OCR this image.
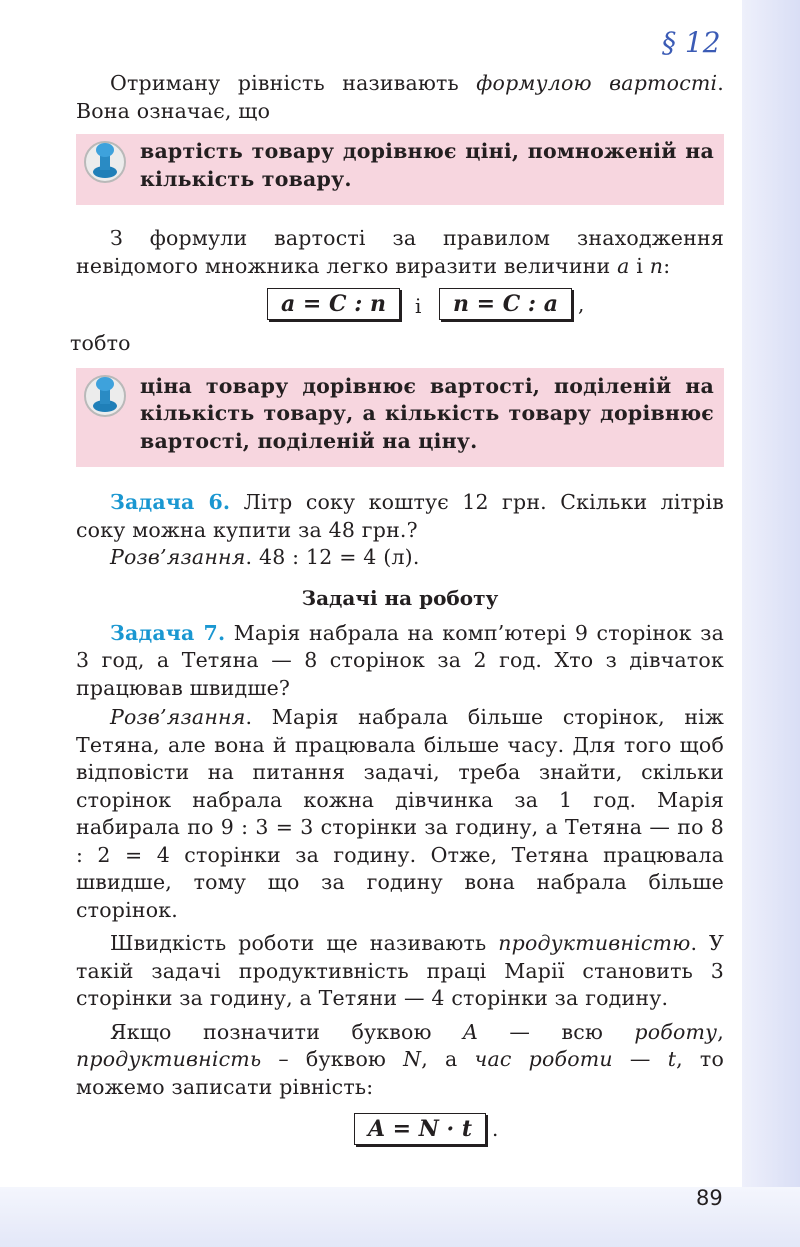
§ 12

Отриману рівність називають формулою вартості. Вона означає, що

вартість товару дорівнює ціні, помноженій на кількість товару.

З формули вартості за правилом знаходження невідомого множника легко виразити величини a і n:

a = C : n	і	n = C : a	,

тобто

ціна товару дорівнює вартості, поділеній на кількість товару, а кількість товару дорівнює вартості, поділеній на ціну.

Задача 6. Літр соку коштує 12 грн. Скільки літрів соку можна купити за 48 грн.?

Розв’язання. 48 : 12 = 4 (л).

Задачі на роботу

Задача 7. Марія набрала на комп’ютері 9 сторінок за 3 год, а Тетяна — 8 сторінок за 2 год. Хто з дівчаток працював швидше?

Розв’язання. Марія набрала більше сторінок, ніж Тетяна, але вона й працювала більше часу. Для того щоб відповісти на питання задачі, треба знайти, скільки сторінок набрала кожна дівчинка за 1 год. Марія набирала по 9 : 3 = 3 сторінки за годину, а Тетяна — по 8 : 2 = 4 сторінки за годину. Отже, Тетяна працювала швидше, тому що за годину вона набрала більше сторінок.

Швидкість роботи ще називають продуктивністю. У такій задачі продуктивність праці Марії становить 3 сторінки за годину, а Тетяни — 4 сторінки за годину.

Якщо позначити буквою A — всю роботу, продуктивність – буквою N, а час роботи — t, то можемо записати рівність:

A = N · t .
89
